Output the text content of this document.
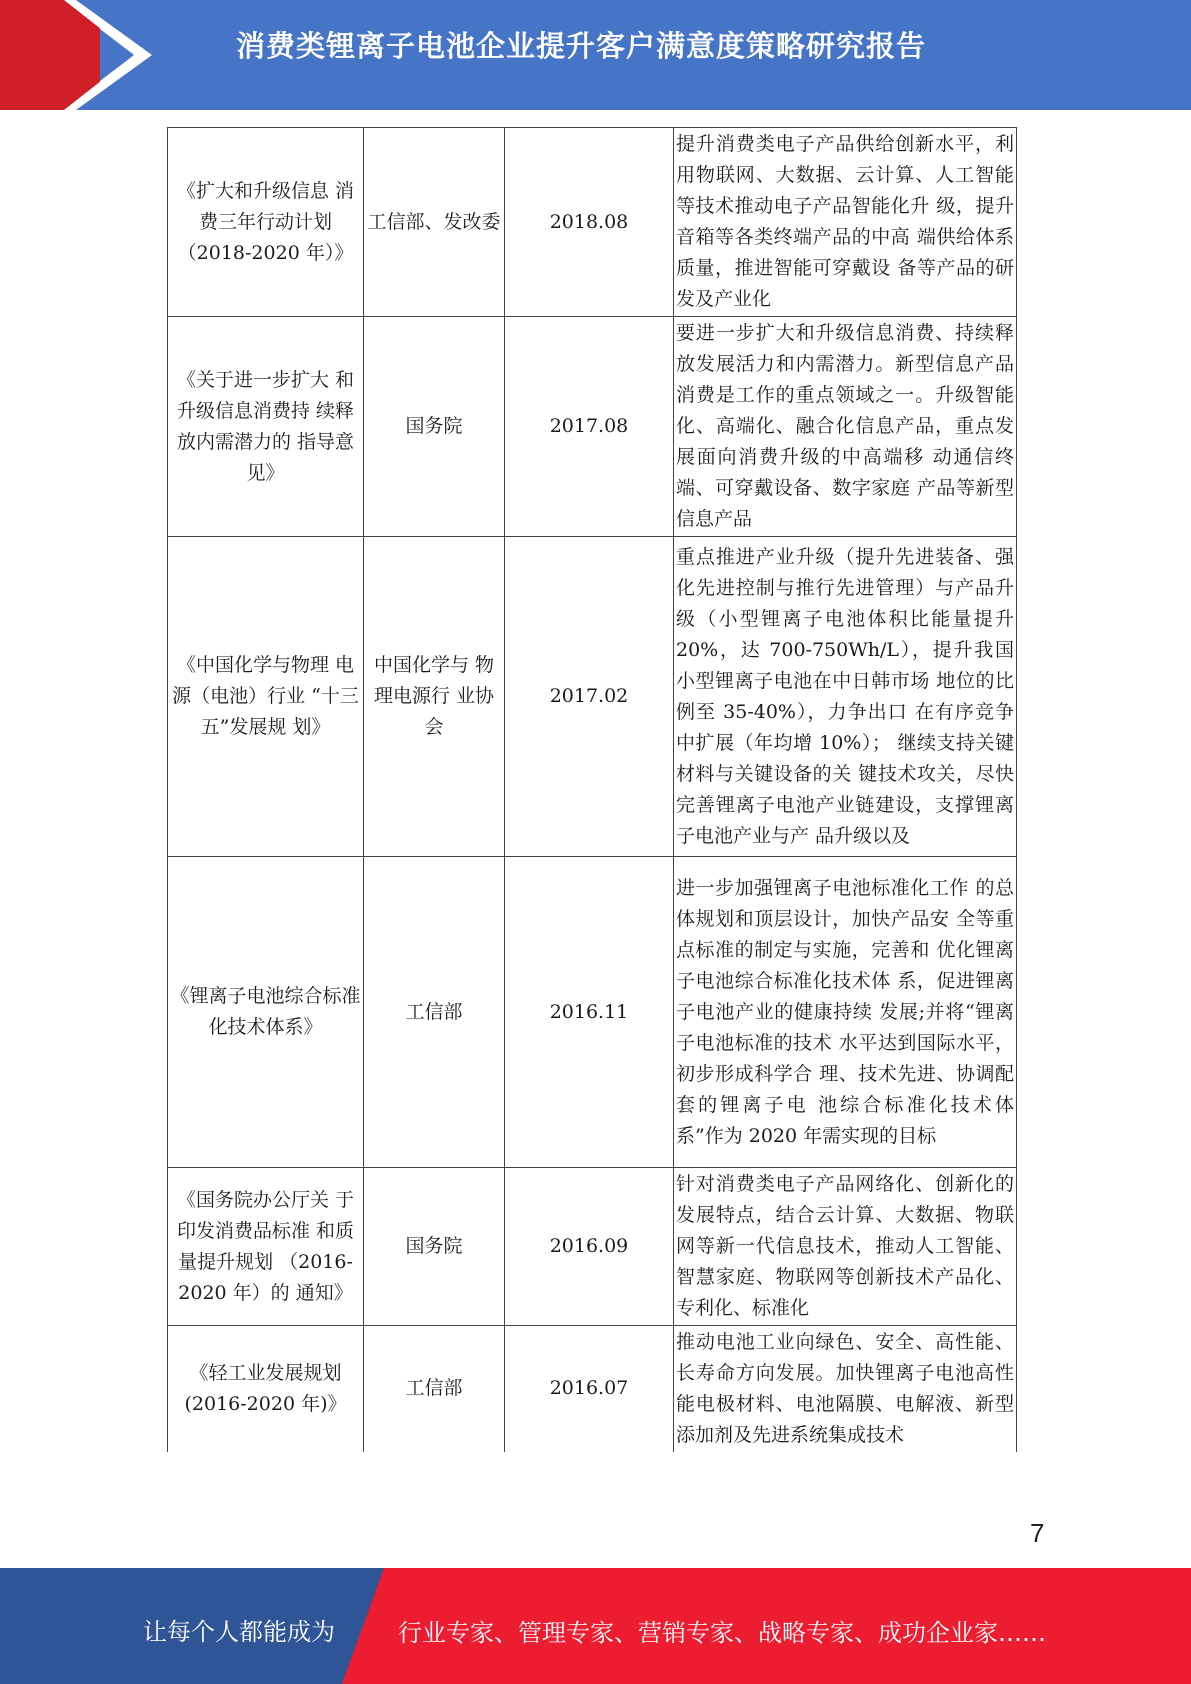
消费类锂离子电池企业提升客户满意度策略研究报告
《扩大和升级信息 消费三年行动计划（2018-2020 年）》	工信部、发改委	2018.08	提升消费类电子产品供给创新水平，利用物联网、大数据、云计算、人工智能等技术推动电子产品智能化升 级，提升音箱等各类终端产品的中高 端供给体系质量，推进智能可穿戴设 备等产品的研发及产业化
《关于进一步扩大 和升级信息消费持 续释放内需潜力的 指导意见》	国务院	2017.08	要进一步扩大和升级信息消费、持续释放发展活力和内需潜力。新型信息产品消费是工作的重点领域之一。升级智能化、高端化、融合化信息产品，重点发展面向消费升级的中高端移 动通信终端、可穿戴设备、数字家庭 产品等新型信息产品
《中国化学与物理 电源（电池）行业 “十三五”发展规 划》	中国化学与 物理电源行 业协会	2017.02	重点推进产业升级（提升先进装备、强化先进控制与推行先进管理）与产品升级（小型锂离子电池体积比能量提升 20%，达 700-750Wh/L），提升我国小型锂离子电池在中日韩市场 地位的比例至 35-40%），力争出口 在有序竞争中扩展（年均增 10%）； 继续支持关键材料与关键设备的关 键技术攻关，尽快完善锂离子电池产业链建设，支撑锂离子电池产业与产 品升级以及
《锂离子电池综合标准化技术体系》	工信部	2016.11	进一步加强锂离子电池标准化工作 的总体规划和顶层设计，加快产品安 全等重点标准的制定与实施，完善和 优化锂离子电池综合标准化技术体 系，促进锂离子电池产业的健康持续 发展;并将“锂离子电池标准的技术 水平达到国际水平，初步形成科学合 理、技术先进、协调配套的锂离子电 池综合标准化技术体系”作为 2020 年需实现的目标
《国务院办公厅关 于印发消费品标准 和质量提升规划 （2016-2020 年）的 通知》	国务院	2016.09	针对消费类电子产品网络化、创新化的发展特点，结合云计算、大数据、物联网等新一代信息技术，推动人工智能、智慧家庭、物联网等创新技术产品化、专利化、标准化
《轻工业发展规划(2016-2020 年)》	工信部	2016.07	推动电池工业向绿色、安全、高性能、长寿命方向发展。加快锂离子电池高性能电极材料、电池隔膜、电解液、新型添加剂及先进系统集成技术
7
让每个人都能成为	行业专家、管理专家、营销专家、战略专家、成功企业家……
